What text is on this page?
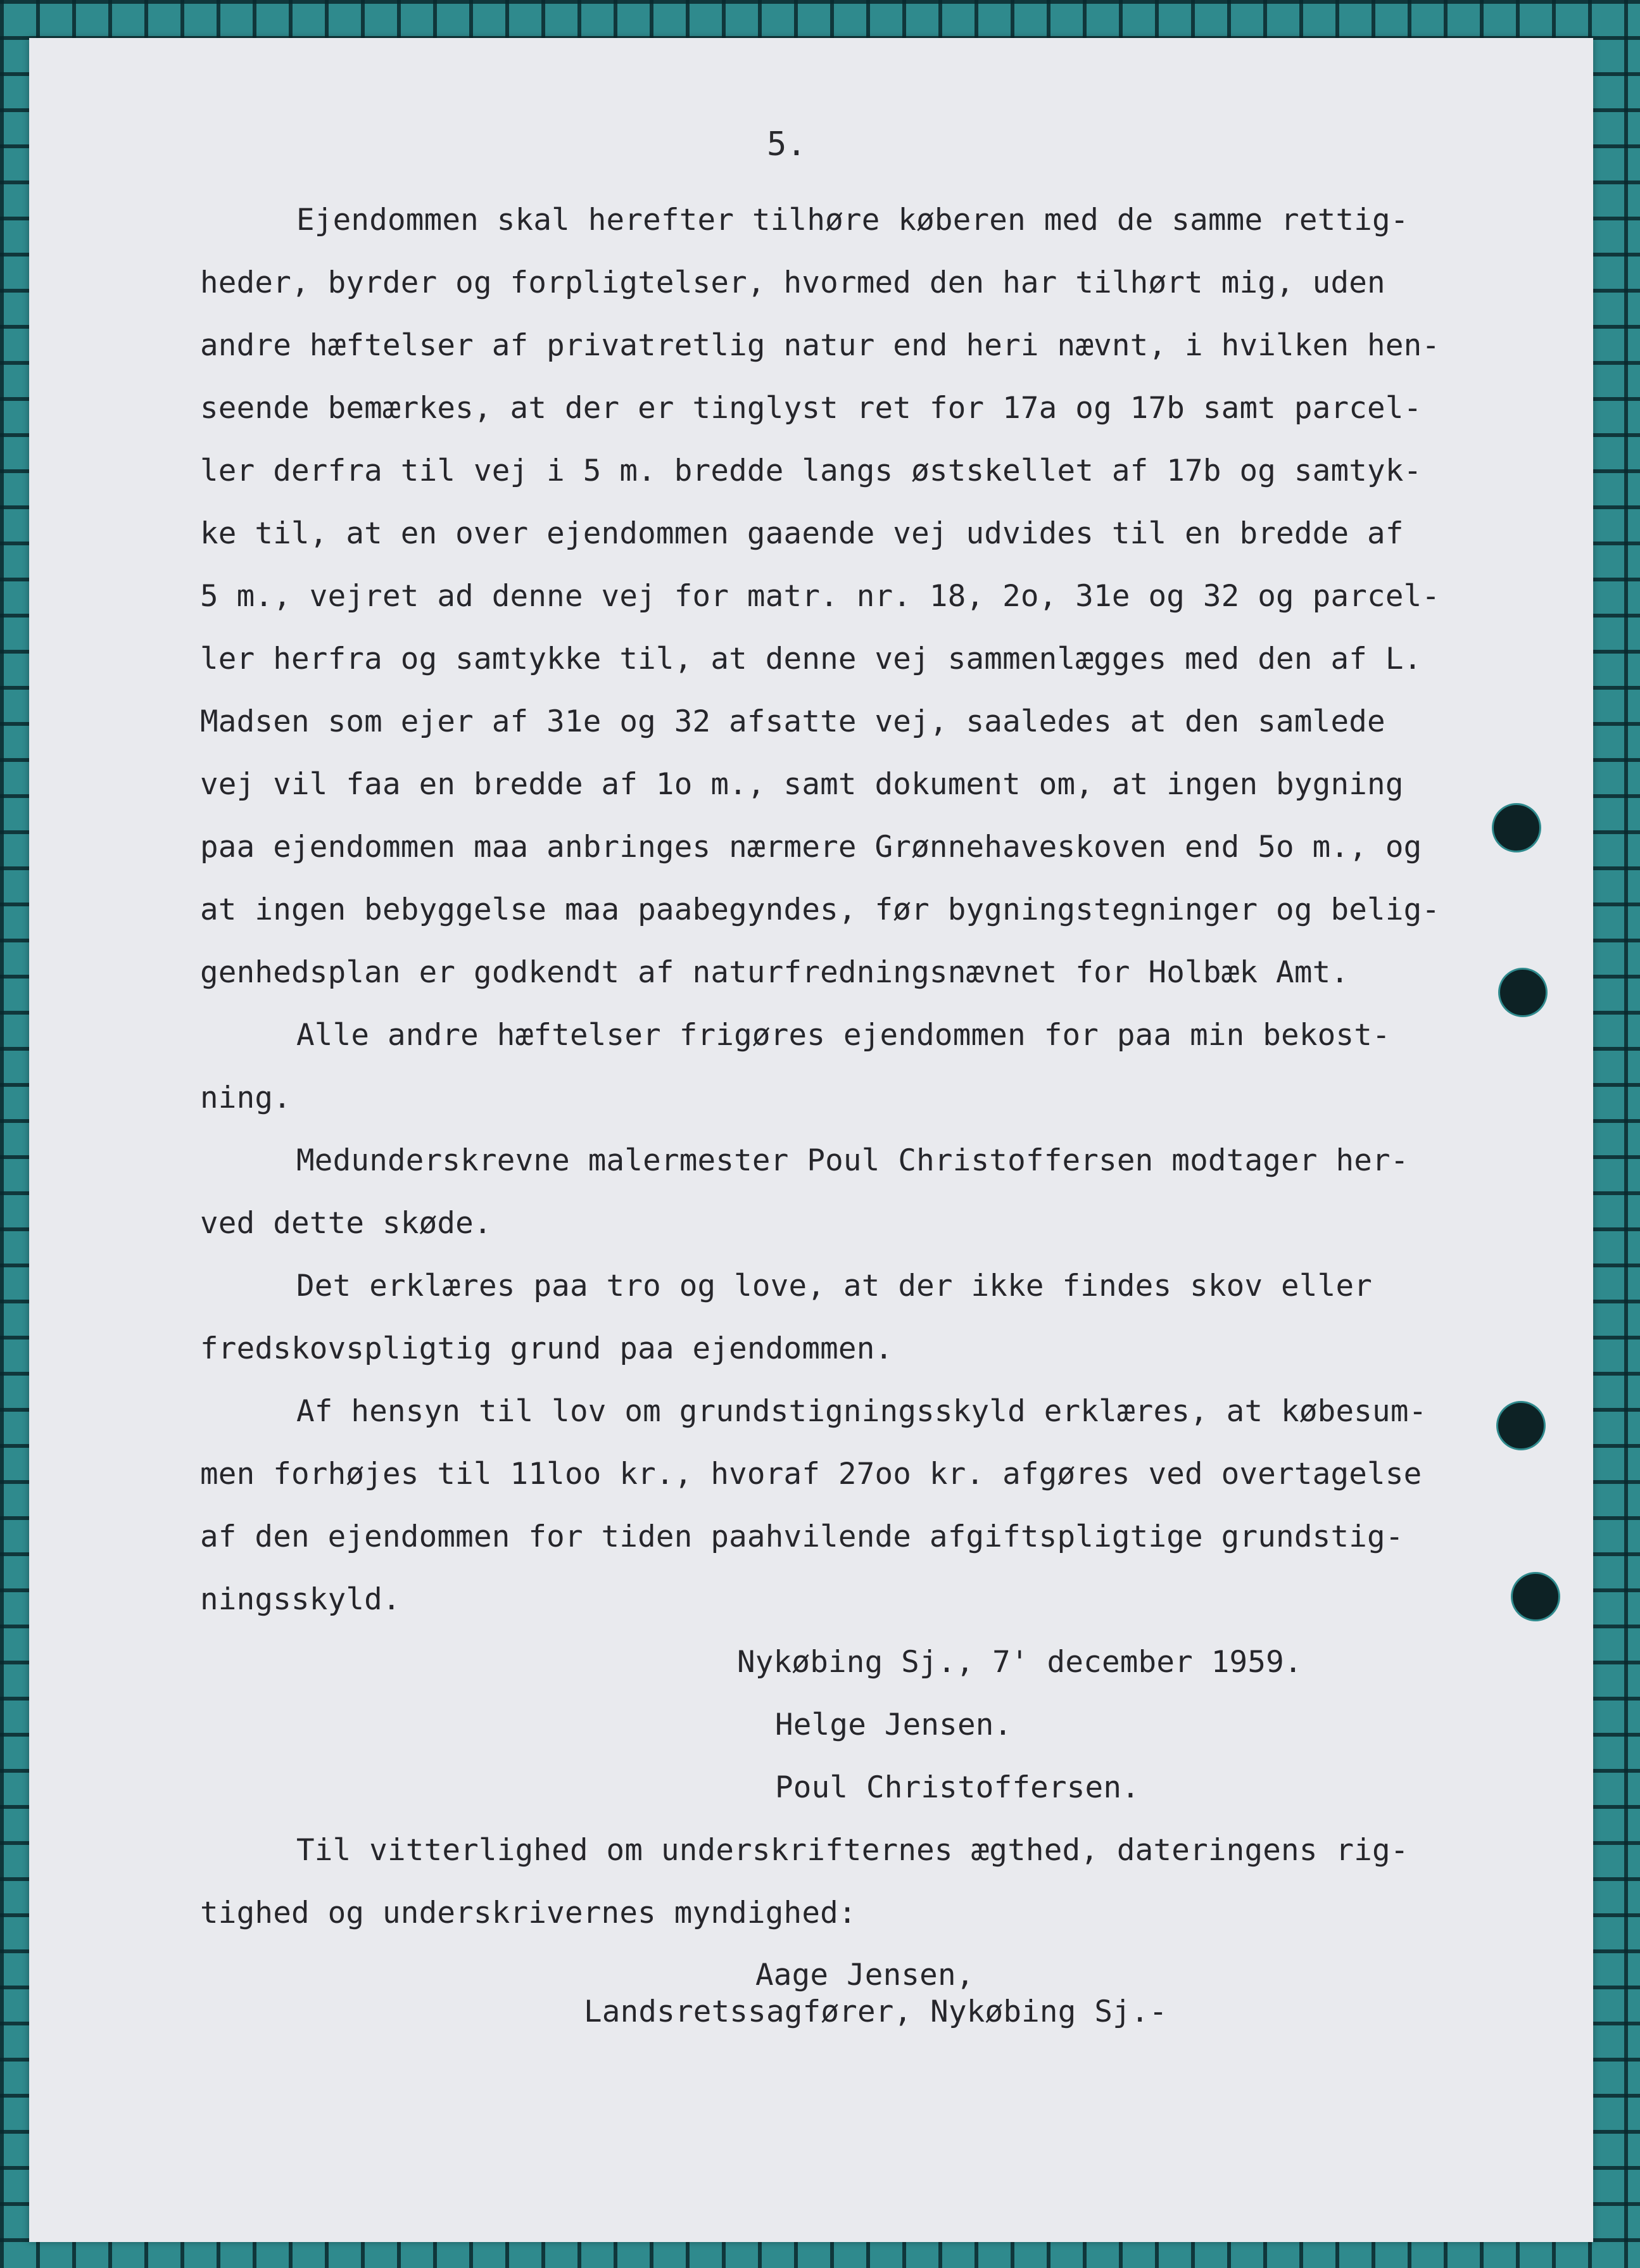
5.
Ejendommen skal herefter tilhøre køberen med de samme rettig-
heder, byrder og forpligtelser, hvormed den har tilhørt mig, uden
andre hæftelser af privatretlig natur end heri nævnt, i hvilken hen-
seende bemærkes, at der er tinglyst ret for 17a og 17b samt parcel-
ler derfra til vej i 5 m. bredde langs østskellet af 17b og samtyk-
ke til, at en over ejendommen gaaende vej udvides til en bredde af
5 m., vejret ad denne vej for matr. nr. 18, 2o, 31e og 32 og parcel-
ler herfra og samtykke til, at denne vej sammenlægges med den af L.
Madsen som ejer af 31e og 32 afsatte vej, saaledes at den samlede
vej vil faa en bredde af 1o m., samt dokument om, at ingen bygning
paa ejendommen maa anbringes nærmere Grønnehaveskoven end 5o m., og
at ingen bebyggelse maa paabegyndes, før bygningstegninger og belig-
genhedsplan er godkendt af naturfredningsnævnet for Holbæk Amt.
Alle andre hæftelser frigøres ejendommen for paa min bekost-
ning.
Medunderskrevne malermester Poul Christoffersen modtager her-
ved dette skøde.
Det erklæres paa tro og love, at der ikke findes skov eller
fredskovspligtig grund paa ejendommen.
Af hensyn til lov om grundstigningsskyld erklæres, at købesum-
men forhøjes til 11loo kr., hvoraf 27oo kr. afgøres ved overtagelse
af den ejendommen for tiden paahvilende afgiftspligtige grundstig-
ningsskyld.
Nykøbing Sj., 7' december 1959.
Helge Jensen.
Poul Christoffersen.
Til vitterlighed om underskrifternes ægthed, dateringens rig-
tighed og underskrivernes myndighed:
Aage Jensen,
Landsretssagfører, Nykøbing Sj.-
